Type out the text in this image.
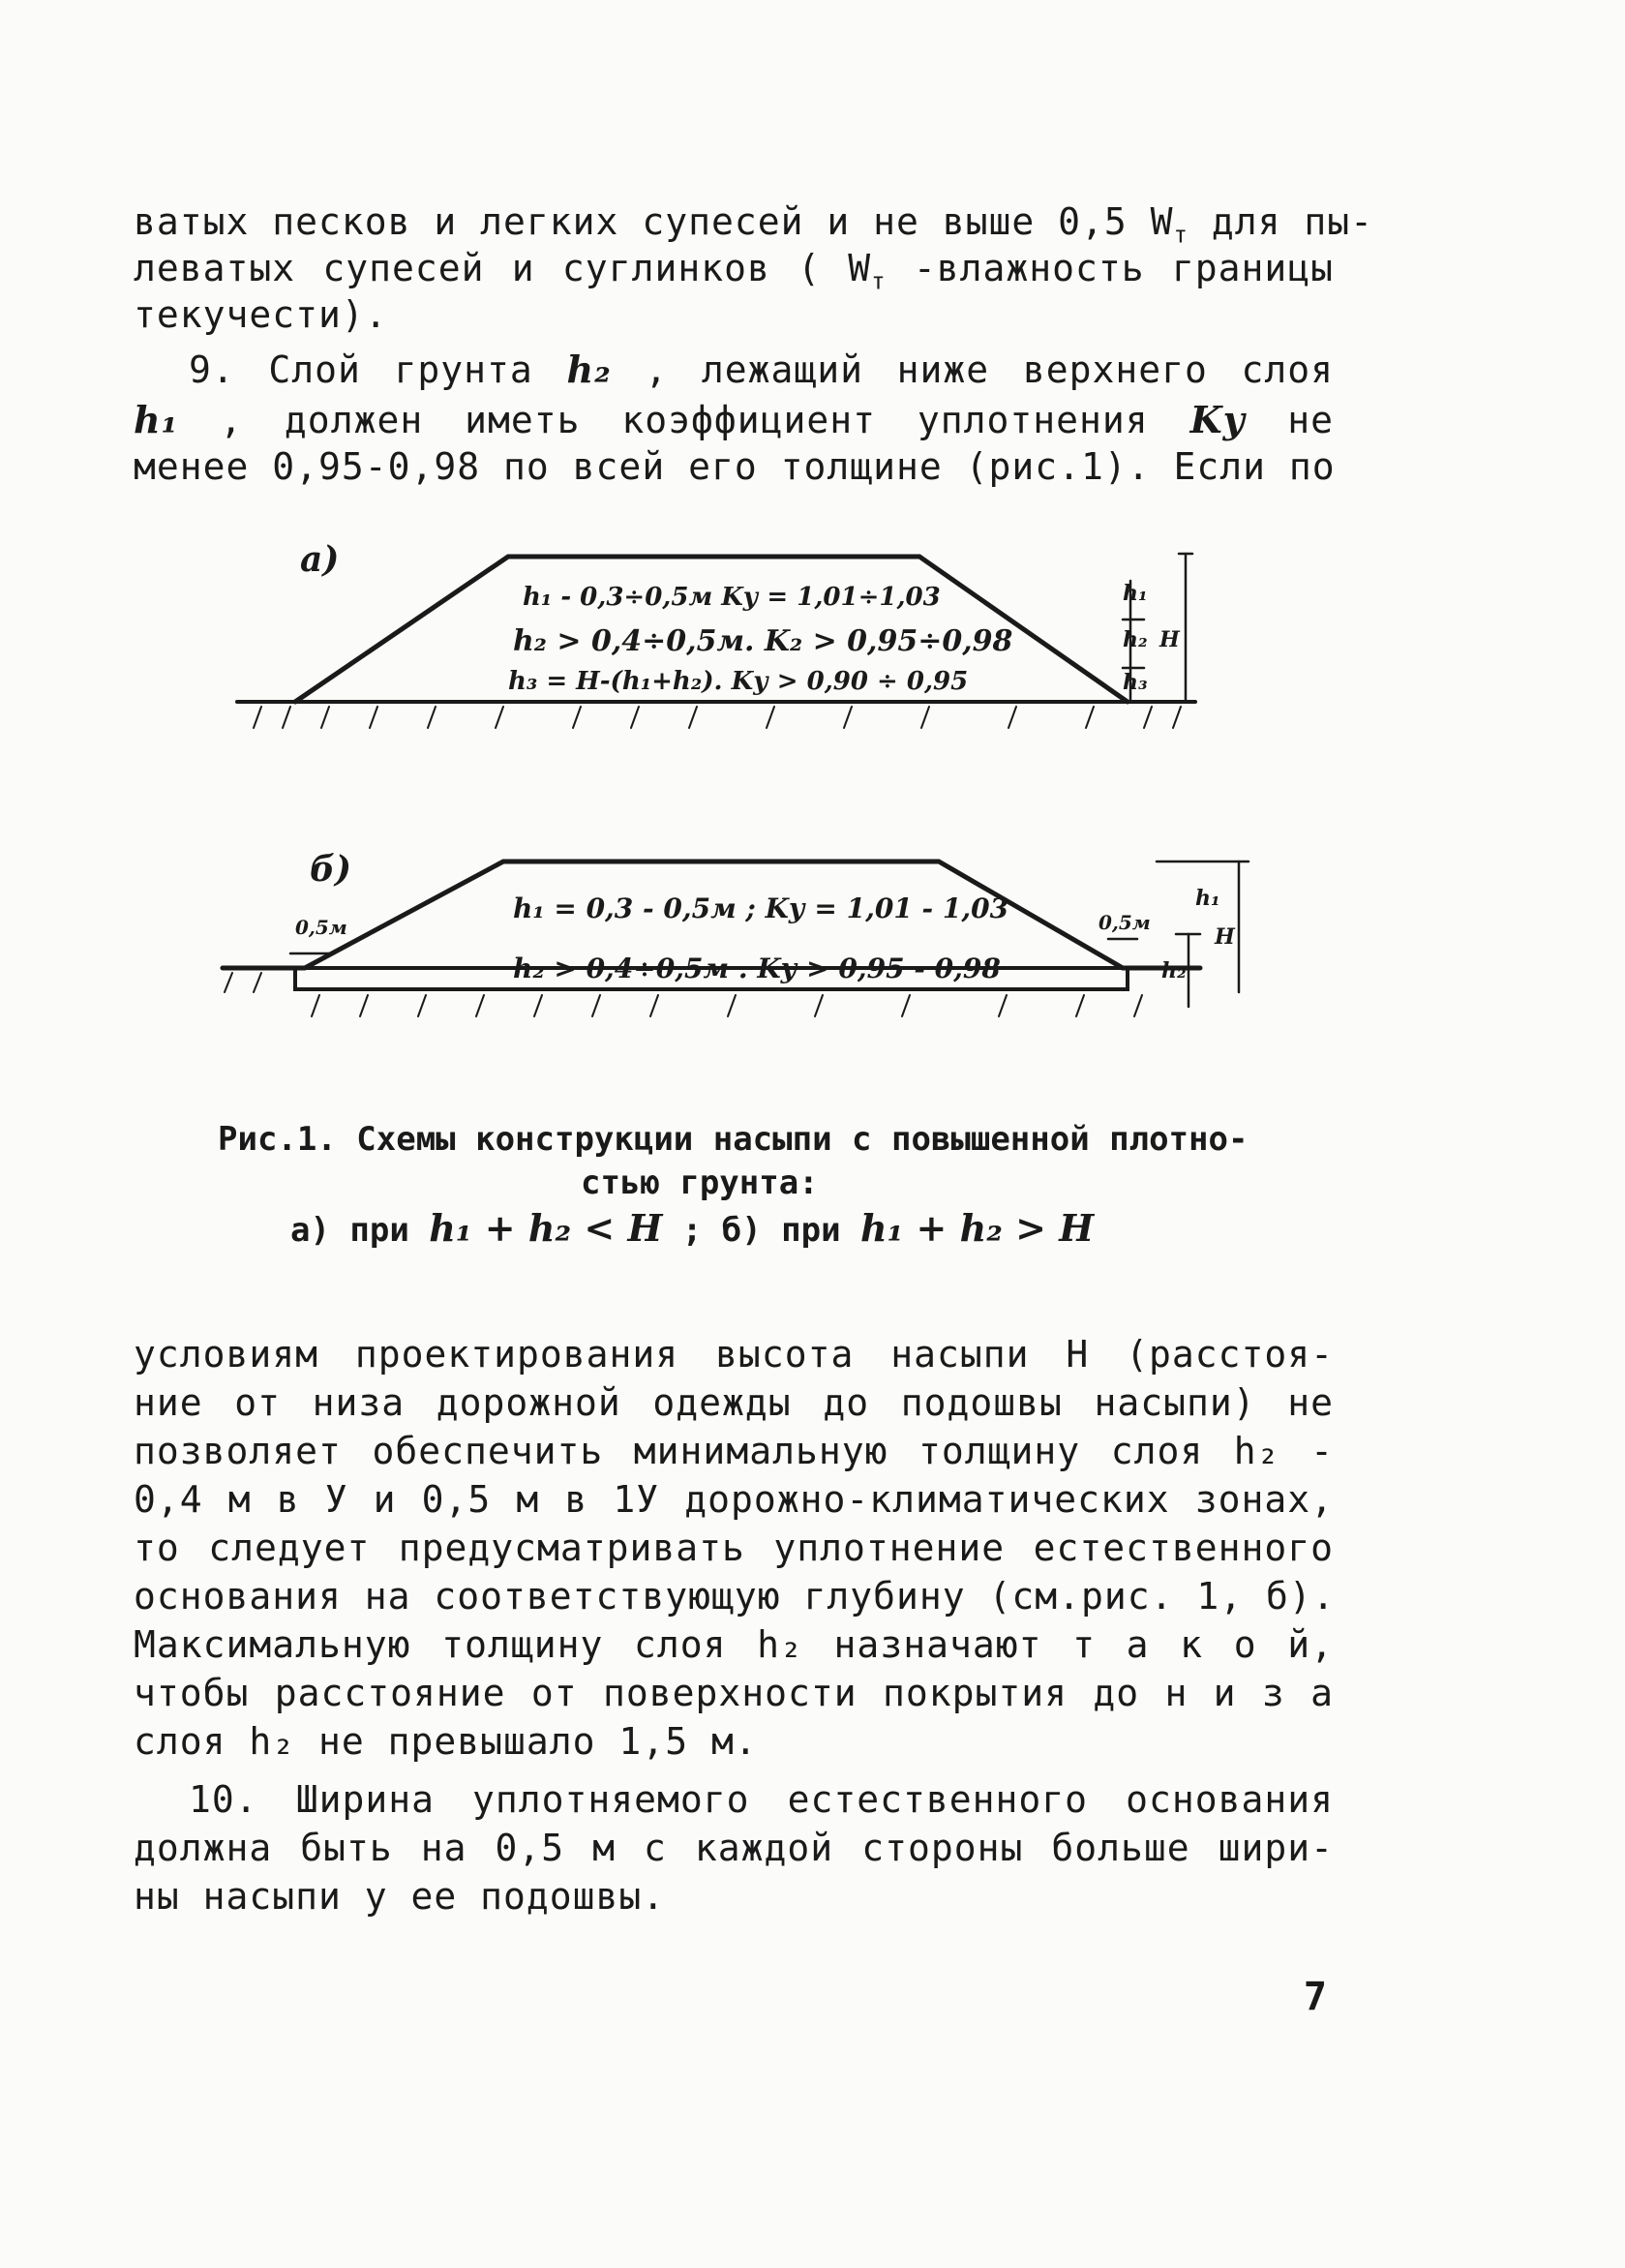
ватых песков и легких супесей и не выше 0,5 $W_т$ для пы-
леватых супесей и суглинков ( $W_т$ -влажность границы
текучести).
9. Слой грунта h₂ , лежащий ниже верхнего слоя
h₁ , должен иметь коэффициент уплотнения Kу не
менее 0,95-0,98 по всей его толщине (рис.1). Если по
а)
h₁ - 0,3÷0,5м Kу = 1,01÷1,03
h₂ > 0,4÷0,5м. K₂ > 0,95÷0,98
h₃ = H-(h₁+h₂). Kу > 0,90 ÷ 0,95
h₁
h₂
h₃
H
б)
0,5м	0,5м
h₁ = 0,3 - 0,5м ; Kу = 1,01 - 1,03
h₂ > 0,4÷0,5м . Kу > 0,95 - 0,98
h₁
H
h₂
Рис.1. Схемы конструкции насыпи с повышенной плотно-
стью грунта:
а) при h₁ + h₂ < H ; б) при h₁ + h₂ > H
условиям проектирования высота насыпи H (расстоя-
ние от низа дорожной одежды до подошвы насыпи) не
позволяет обеспечить минимальную толщину слоя h₂ -
0,4 м в У и 0,5 м в 1У дорожно-климатических зонах,
то следует предусматривать уплотнение естественного
основания на соответствующую глубину (см.рис. 1, б).
Максимальную толщину слоя h₂ назначают т а к о й,
чтобы расстояние от поверхности покрытия до н и з а
слоя h₂ не превышало 1,5 м.
10. Ширина уплотняемого естественного основания
должна быть на 0,5 м с каждой стороны больше шири-
ны насыпи у ее подошвы.
7
